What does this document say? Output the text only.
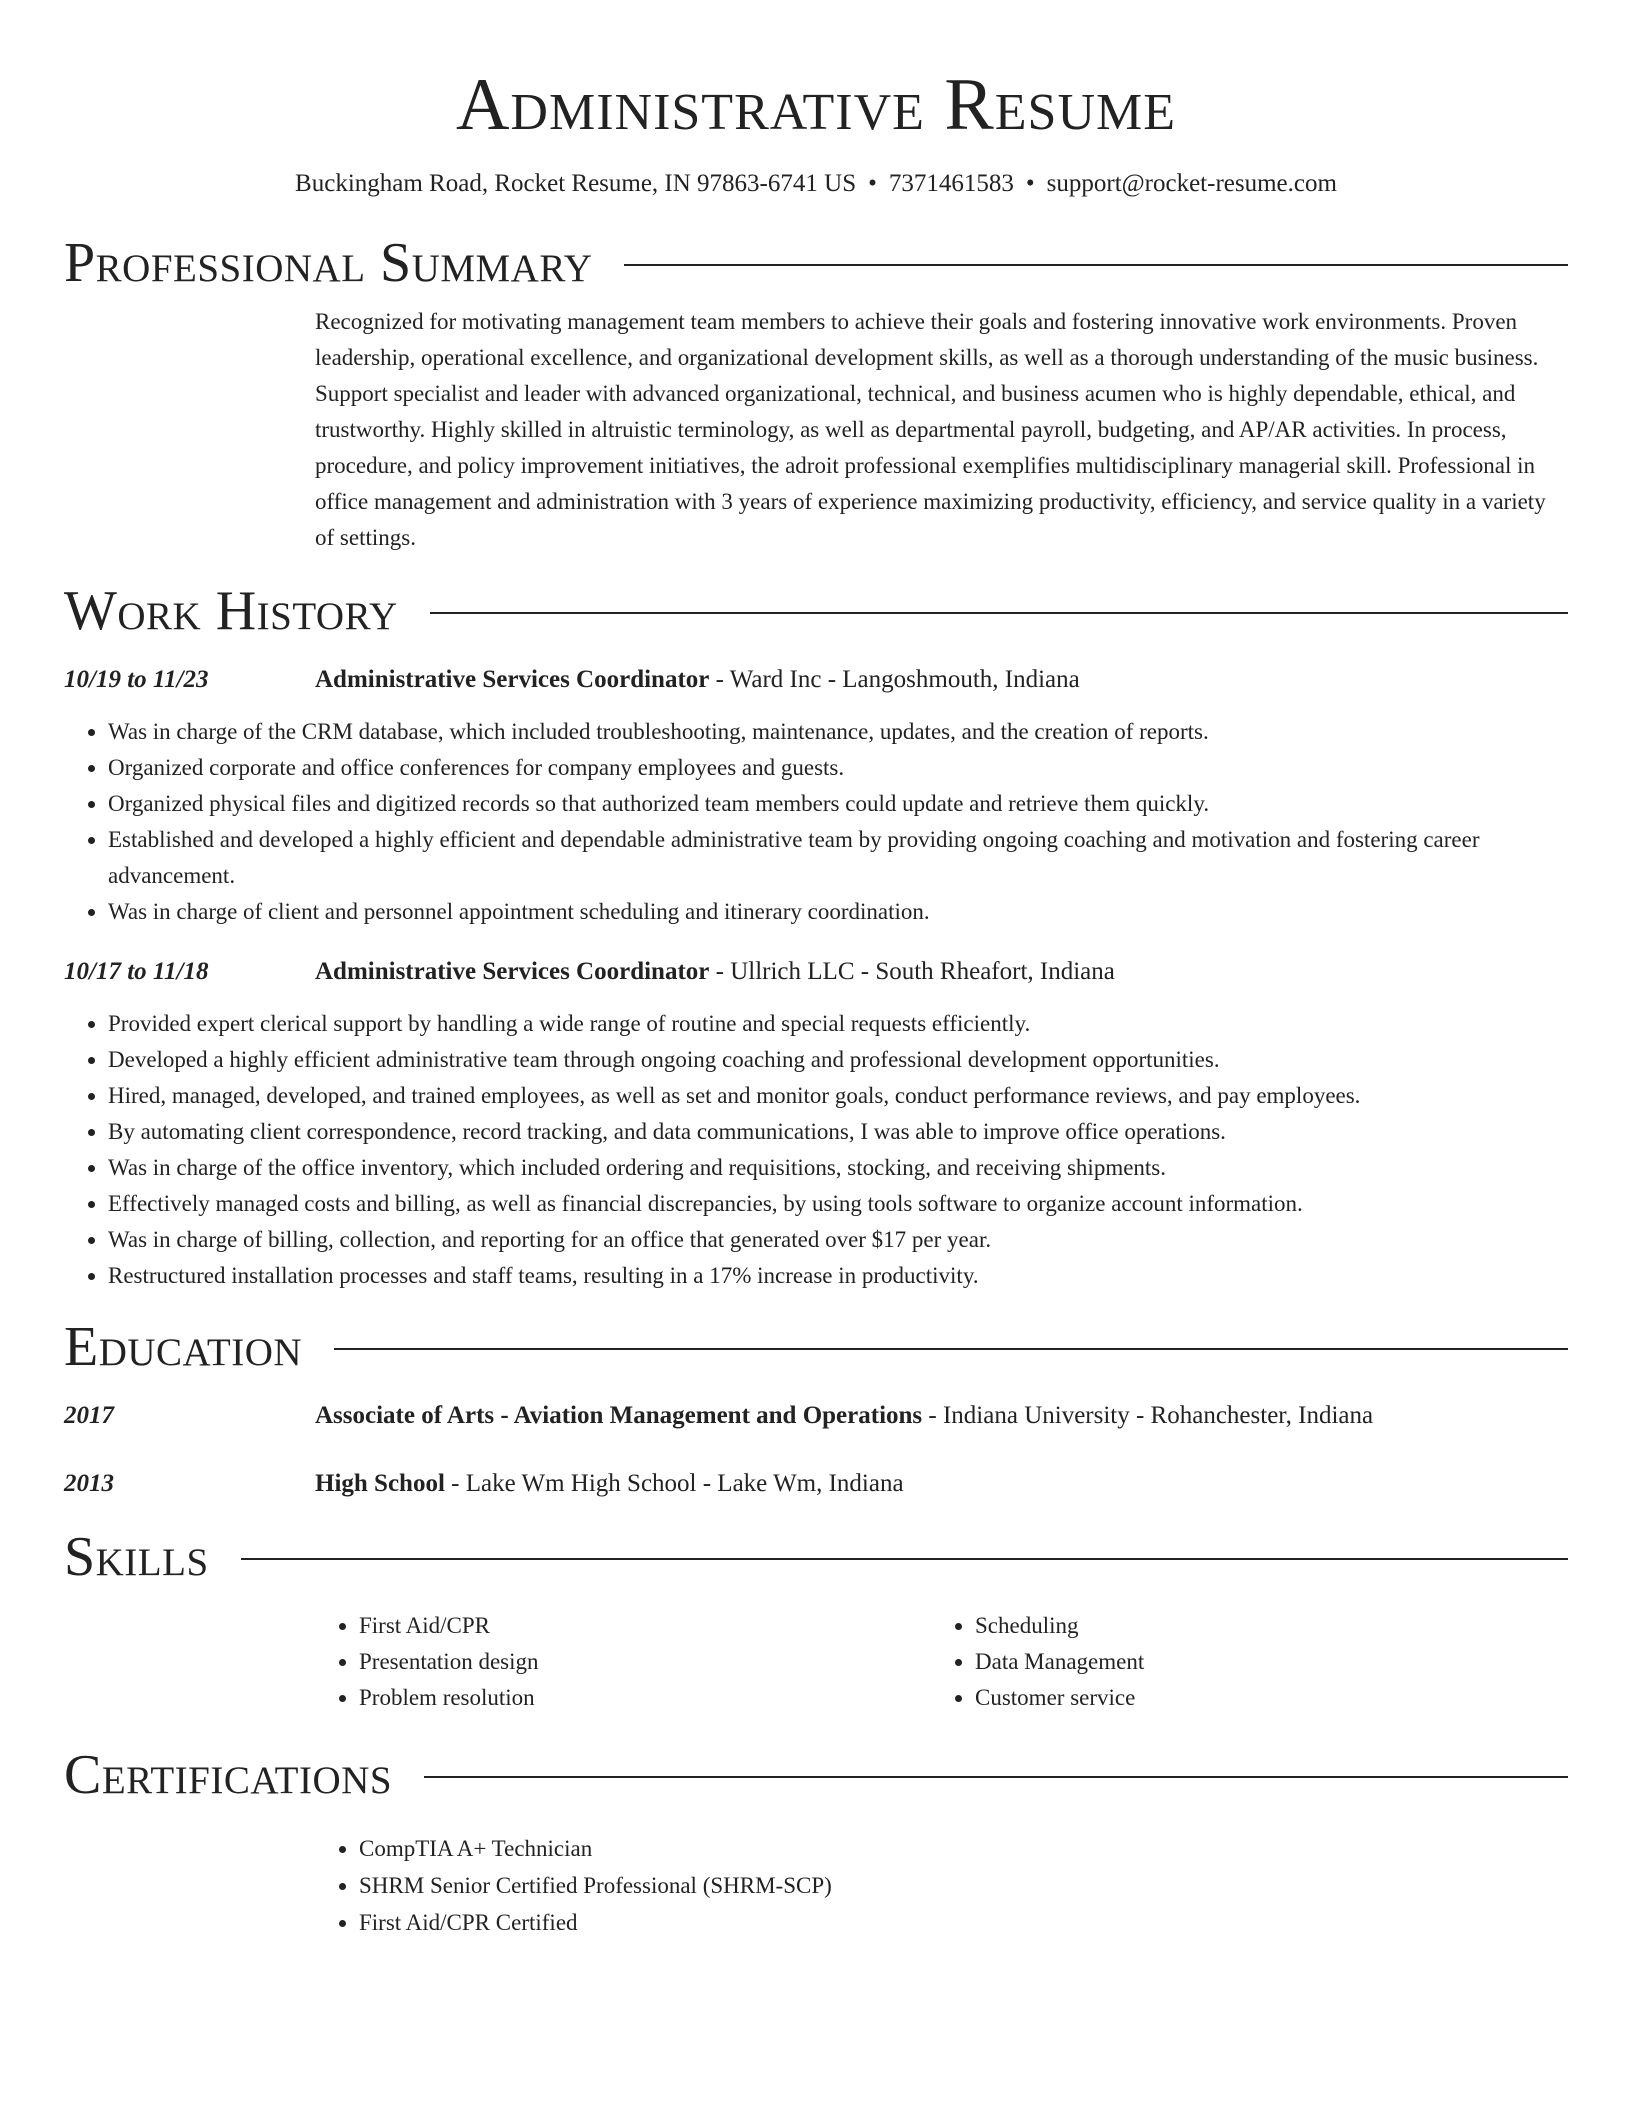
Administrative Resume
Buckingham Road, Rocket Resume, IN 97863-6741 US • 7371461583 • support@rocket-resume.com
Professional Summary
Recognized for motivating management team members to achieve their goals and fostering innovative work environments. Proven leadership, operational excellence, and organizational development skills, as well as a thorough understanding of the music business. Support specialist and leader with advanced organizational, technical, and business acumen who is highly dependable, ethical, and trustworthy. Highly skilled in altruistic terminology, as well as departmental payroll, budgeting, and AP/AR activities. In process, procedure, and policy improvement initiatives, the adroit professional exemplifies multidisciplinary managerial skill. Professional in office management and administration with 3 years of experience maximizing productivity, efficiency, and service quality in a variety of settings.
Work History
10/19 to 11/23	Administrative Services Coordinator - Ward Inc - Langoshmouth, Indiana
• Was in charge of the CRM database, which included troubleshooting, maintenance, updates, and the creation of reports.
• Organized corporate and office conferences for company employees and guests.
• Organized physical files and digitized records so that authorized team members could update and retrieve them quickly.
• Established and developed a highly efficient and dependable administrative team by providing ongoing coaching and motivation and fostering career advancement.
• Was in charge of client and personnel appointment scheduling and itinerary coordination.
10/17 to 11/18	Administrative Services Coordinator - Ullrich LLC - South Rheafort, Indiana
• Provided expert clerical support by handling a wide range of routine and special requests efficiently.
• Developed a highly efficient administrative team through ongoing coaching and professional development opportunities.
• Hired, managed, developed, and trained employees, as well as set and monitor goals, conduct performance reviews, and pay employees.
• By automating client correspondence, record tracking, and data communications, I was able to improve office operations.
• Was in charge of the office inventory, which included ordering and requisitions, stocking, and receiving shipments.
• Effectively managed costs and billing, as well as financial discrepancies, by using tools software to organize account information.
• Was in charge of billing, collection, and reporting for an office that generated over $17 per year.
• Restructured installation processes and staff teams, resulting in a 17% increase in productivity.
Education
2017	Associate of Arts - Aviation Management and Operations - Indiana University - Rohanchester, Indiana
2013	High School - Lake Wm High School - Lake Wm, Indiana
Skills
• First Aid/CPR
• Presentation design
• Problem resolution
• Scheduling
• Data Management
• Customer service
Certifications
• CompTIA A+ Technician
• SHRM Senior Certified Professional (SHRM-SCP)
• First Aid/CPR Certified
